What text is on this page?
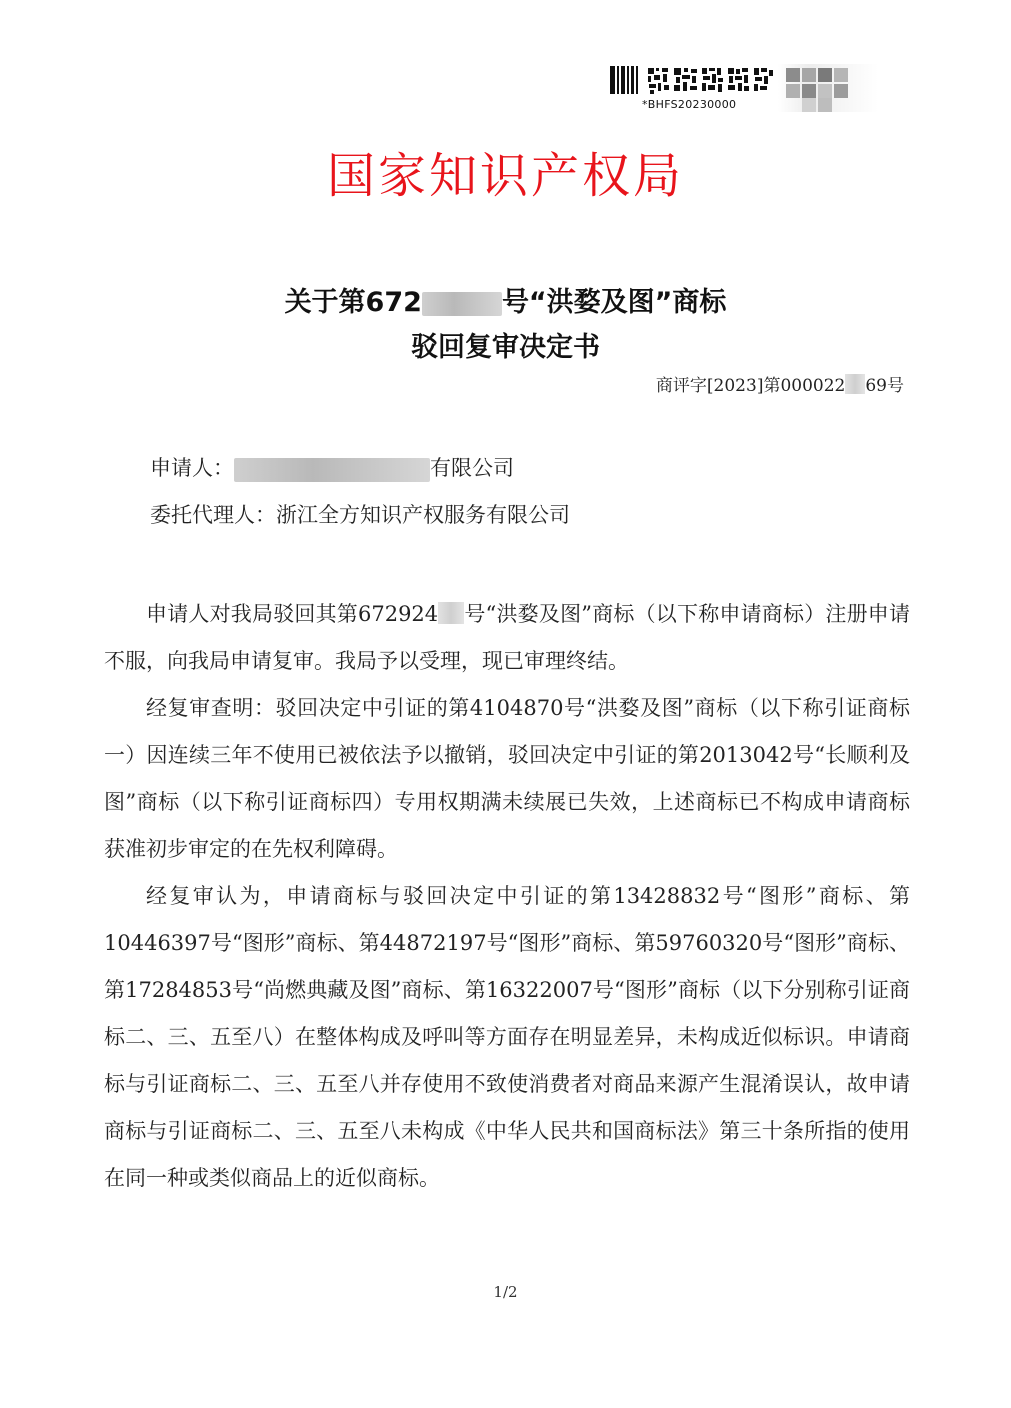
*BHFS20230000
国家知识产权局
关于第672	号“洪婺及图”商标
驳回复审决定书
商评字[2023]第000022 69号
申请人：	有限公司
委托代理人：浙江全方知识产权服务有限公司

申请人对我局驳回其第672924 号“洪婺及图”商标（以下称申请商标）注册申请不服，向我局申请复审。我局予以受理，现已审理终结。

经复审查明：驳回决定中引证的第4104870号“洪婺及图”商标（以下称引证商标一）因连续三年不使用已被依法予以撤销，驳回决定中引证的第2013042号“长顺利及图”商标（以下称引证商标四）专用权期满未续展已失效，上述商标已不构成申请商标获准初步审定的在先权利障碍。

经复审认为，申请商标与驳回决定中引证的第13428832号“图形”商标、第10446397号“图形”商标、第44872197号“图形”商标、第59760320号“图形”商标、第17284853号“尚燃典藏及图”商标、第16322007号“图形”商标（以下分别称引证商标二、三、五至八）在整体构成及呼叫等方面存在明显差异，未构成近似标识。申请商标与引证商标二、三、五至八并存使用不致使消费者对商品来源产生混淆误认，故申请商标与引证商标二、三、五至八未构成《中华人民共和国商标法》第三十条所指的使用在同一种或类似商品上的近似商标。

1/2
